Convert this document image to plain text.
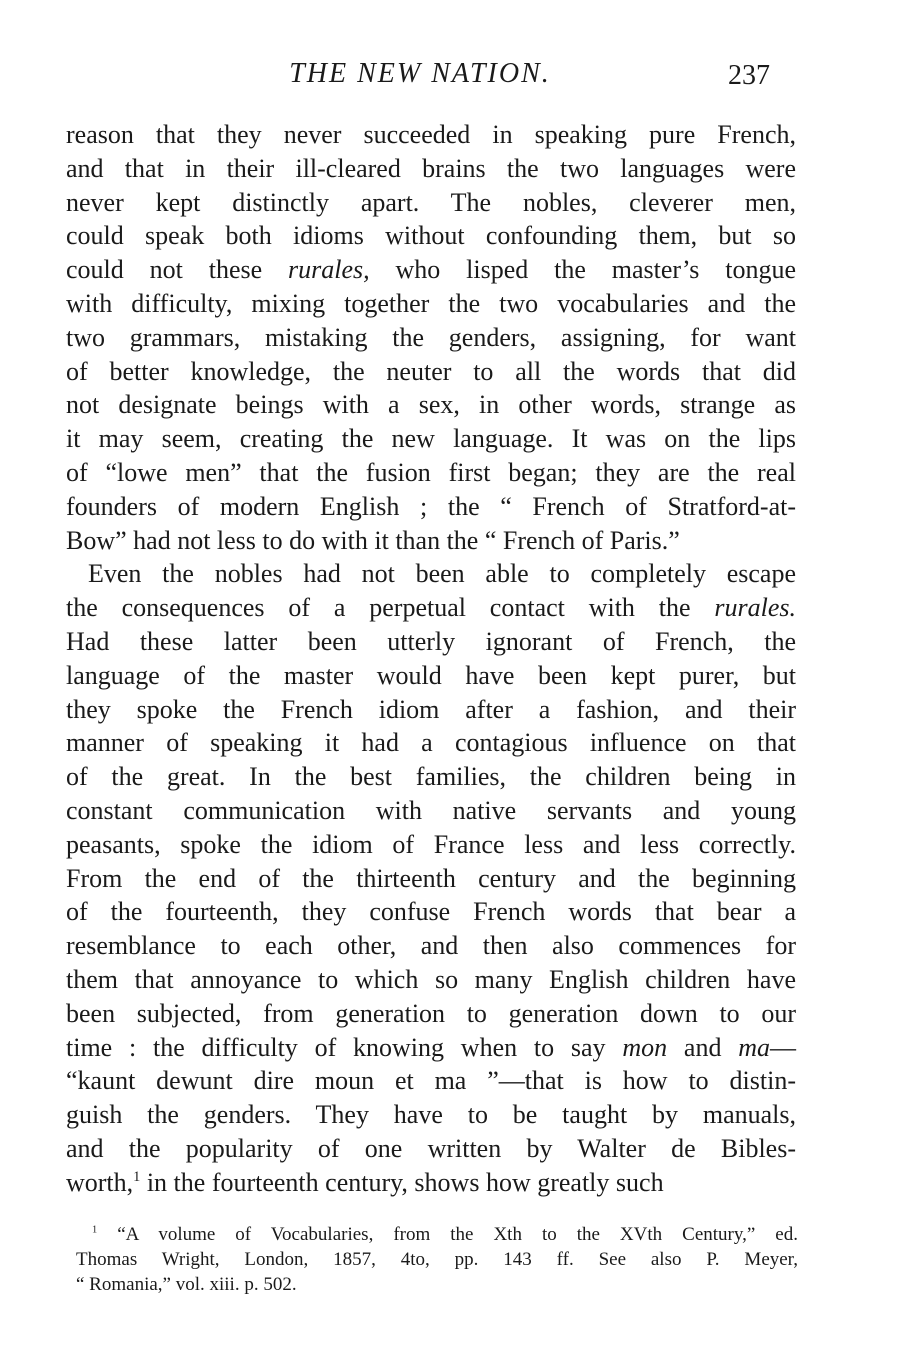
THE NEW NATION.	237
reason that they never succeeded in speaking pure French,
and that in their ill-cleared brains the two languages were
never kept distinctly apart. The nobles, cleverer men,
could speak both idioms without confounding them, but so
could not these rurales, who lisped the master’s tongue
with difficulty, mixing together the two vocabularies and the
two grammars, mistaking the genders, assigning, for want
of better knowledge, the neuter to all the words that did
not designate beings with a sex, in other words, strange as
it may seem, creating the new language. It was on the lips
of “lowe men” that the fusion first began; they are the real
founders of modern English ; the “ French of Stratford-at-
Bow” had not less to do with it than the “ French of Paris.”
Even the nobles had not been able to completely escape
the consequences of a perpetual contact with the rurales.
Had these latter been utterly ignorant of French, the
language of the master would have been kept purer, but
they spoke the French idiom after a fashion, and their
manner of speaking it had a contagious influence on that
of the great. In the best families, the children being in
constant communication with native servants and young
peasants, spoke the idiom of France less and less correctly.
From the end of the thirteenth century and the beginning
of the fourteenth, they confuse French words that bear a
resemblance to each other, and then also commences for
them that annoyance to which so many English children have
been subjected, from generation to generation down to our
time : the difficulty of knowing when to say mon and ma—
“kaunt dewunt dire moun et ma ”—that is how to distin-
guish the genders. They have to be taught by manuals,
and the popularity of one written by Walter de Bibles-
worth,$^1$ in the fourteenth century, shows how greatly such
$^1$ “A volume of Vocabularies, from the Xth to the XVth Century,” ed.
Thomas Wright, London, 1857, 4to, pp. 143 ff. See also P. Meyer,
“ Romania,” vol. xiii. p. 502.
